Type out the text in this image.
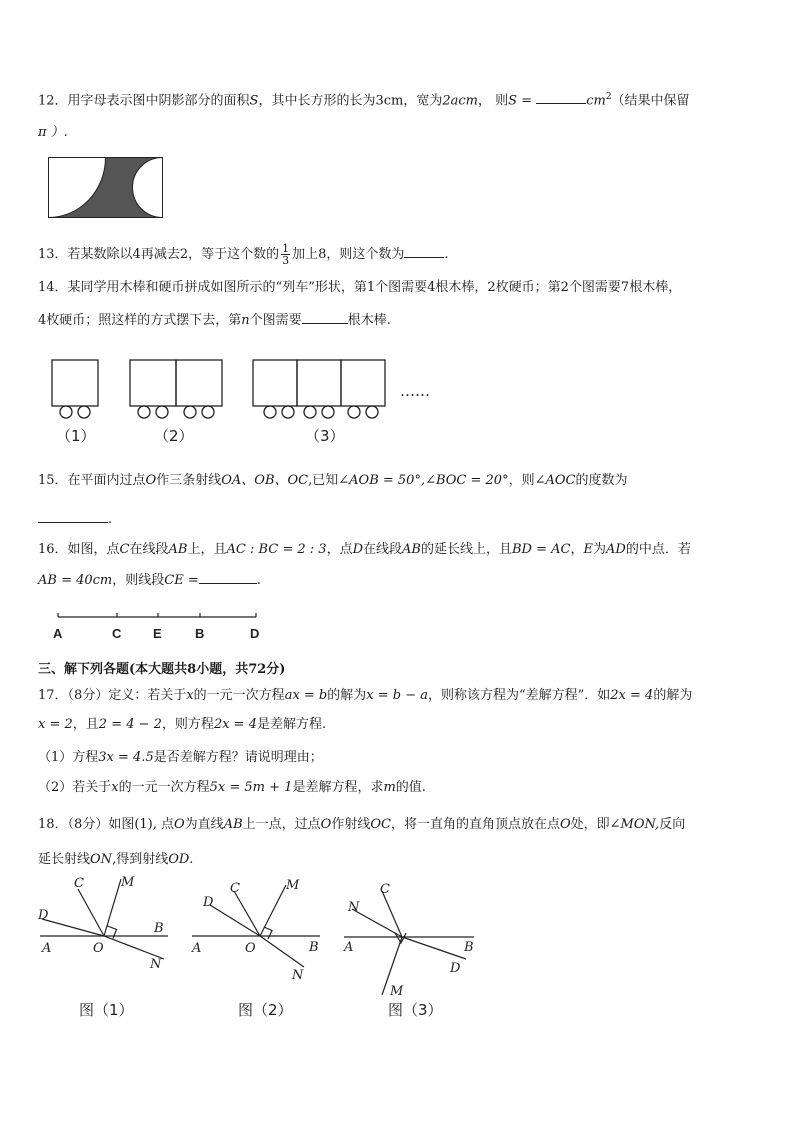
12．用字母表示图中阴影部分的面积S，其中长方形的长为3cm，宽为2acm， 则S =	$cm^2$（结果中保留
π ）.
13．若某数除以4再减去2，等于这个数的 $\frac{1}{3}$ 加上8，则这个数为	.
14．某同学用木棒和硬币拼成如图所示的“列车”形状，第1个图需要4根木棒，2枚硬币；第2个图需要7根木棒，
4枚硬币；照这样的方式摆下去，第n个图需要	根木棒.
……
（1）	（2）	（3）
15．在平面内过点O作三条射线OA、OB、OC,已知∠AOB = 50°,∠BOC = 20°，则∠AOC的度数为
.
16．如图，点C在线段AB上，且AC : BC = 2 : 3，点D在线段AB的延长线上，且BD = AC，E为AD的中点．若
AB = 40cm，则线段CE =	.
A	C E	B	D
三、解下列各题(本大题共8小题，共72分)
17．（8分）定义：若关于x的一元一次方程ax = b的解为x = b − a，则称该方程为“差解方程”．如2x = 4的解为
x = 2，且2 = 4 − 2，则方程2x = 4是差解方程.
（1）方程3x = 4.5是否差解方程？请说明理由；
（2）若关于x的一元一次方程5x = 5m + 1是差解方程，求m的值.
18．（8分）如图(1), 点O为直线AB上一点，过点O作射线OC，将一直角的直角顶点放在点O处，即∠MON,反向
延长射线ON,得到射线OD.
D
C	M
B
A	O
N
图（1）
D
C	M
B
A	O
N
图（2）
N
C
B
D
A
M
图（3）
